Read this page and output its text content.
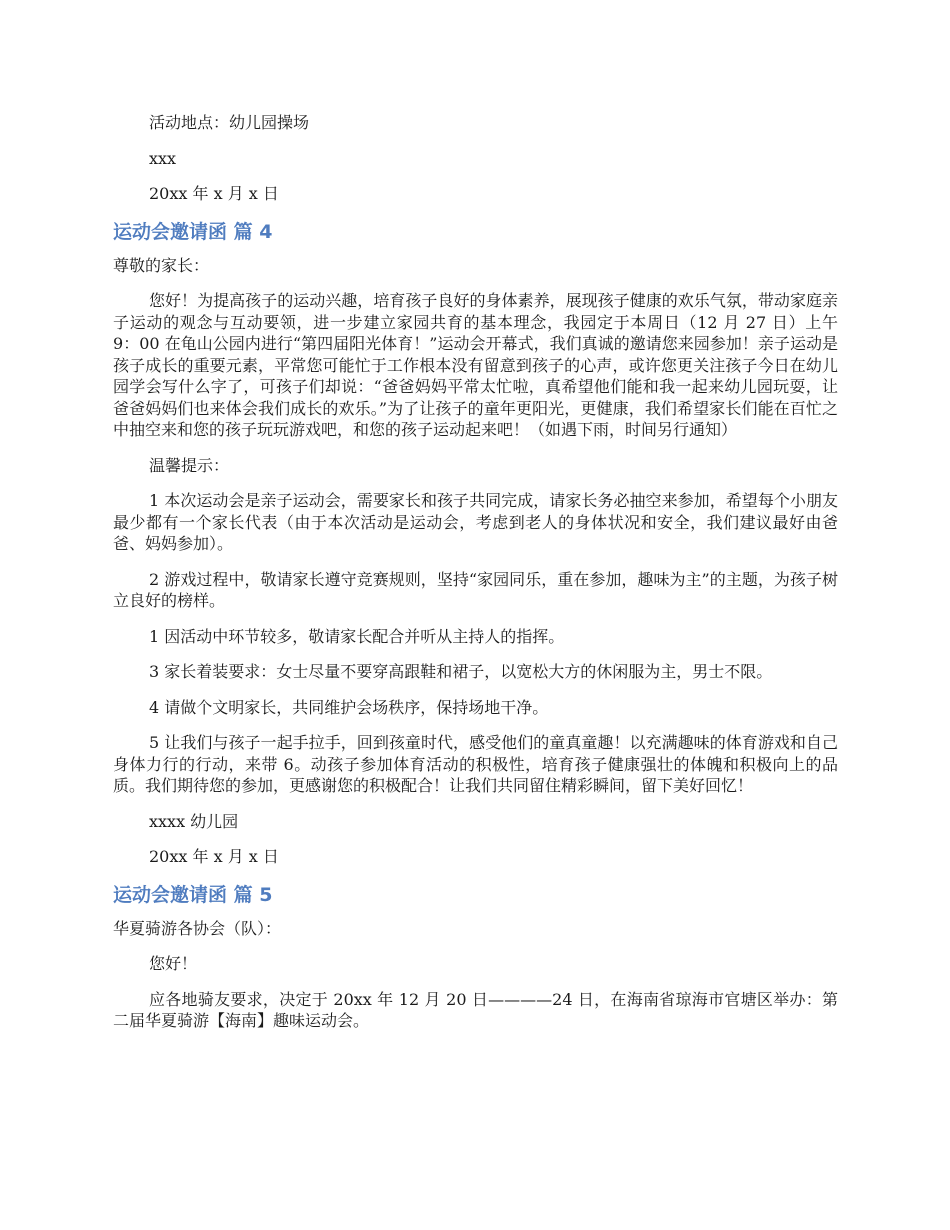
活动地点：幼儿园操场

xxx

20xx 年 x 月 x 日

运动会邀请函 篇 4

尊敬的家长：

您好！为提高孩子的运动兴趣，培育孩子良好的身体素养，展现孩子健康的欢乐气氛，带动家庭亲子运动的观念与互动要领，进一步建立家园共育的基本理念，我园定于本周日（12 月 27 日）上午 9：00 在龟山公园内进行“第四届阳光体育！”运动会开幕式，我们真诚的邀请您来园参加！亲子运动是孩子成长的重要元素，平常您可能忙于工作根本没有留意到孩子的心声，或许您更关注孩子今日在幼儿园学会写什么字了，可孩子们却说：“爸爸妈妈平常太忙啦，真希望他们能和我一起来幼儿园玩耍，让爸爸妈妈们也来体会我们成长的欢乐。”为了让孩子的童年更阳光，更健康，我们希望家长们能在百忙之中抽空来和您的孩子玩玩游戏吧，和您的孩子运动起来吧！（如遇下雨，时间另行通知）

温馨提示：

1 本次运动会是亲子运动会，需要家长和孩子共同完成，请家长务必抽空来参加，希望每个小朋友最少都有一个家长代表（由于本次活动是运动会，考虑到老人的身体状况和安全，我们建议最好由爸爸、妈妈参加）。

2 游戏过程中，敬请家长遵守竞赛规则，坚持“家园同乐，重在参加，趣味为主”的主题，为孩子树立良好的榜样。

1 因活动中环节较多，敬请家长配合并听从主持人的指挥。

3 家长着装要求：女士尽量不要穿高跟鞋和裙子，以宽松大方的休闲服为主，男士不限。

4 请做个文明家长，共同维护会场秩序，保持场地干净。

5 让我们与孩子一起手拉手，回到孩童时代，感受他们的童真童趣！以充满趣味的体育游戏和自己身体力行的行动，来带 6。动孩子参加体育活动的积极性，培育孩子健康强壮的体魄和积极向上的品质。我们期待您的参加，更感谢您的积极配合！让我们共同留住精彩瞬间，留下美好回忆！

xxxx 幼儿园

20xx 年 x 月 x 日

运动会邀请函 篇 5

华夏骑游各协会（队）：

您好！

应各地骑友要求，决定于 20xx 年 12 月 20 日————24 日，在海南省琼海市官塘区举办：第二届华夏骑游【海南】趣味运动会。
